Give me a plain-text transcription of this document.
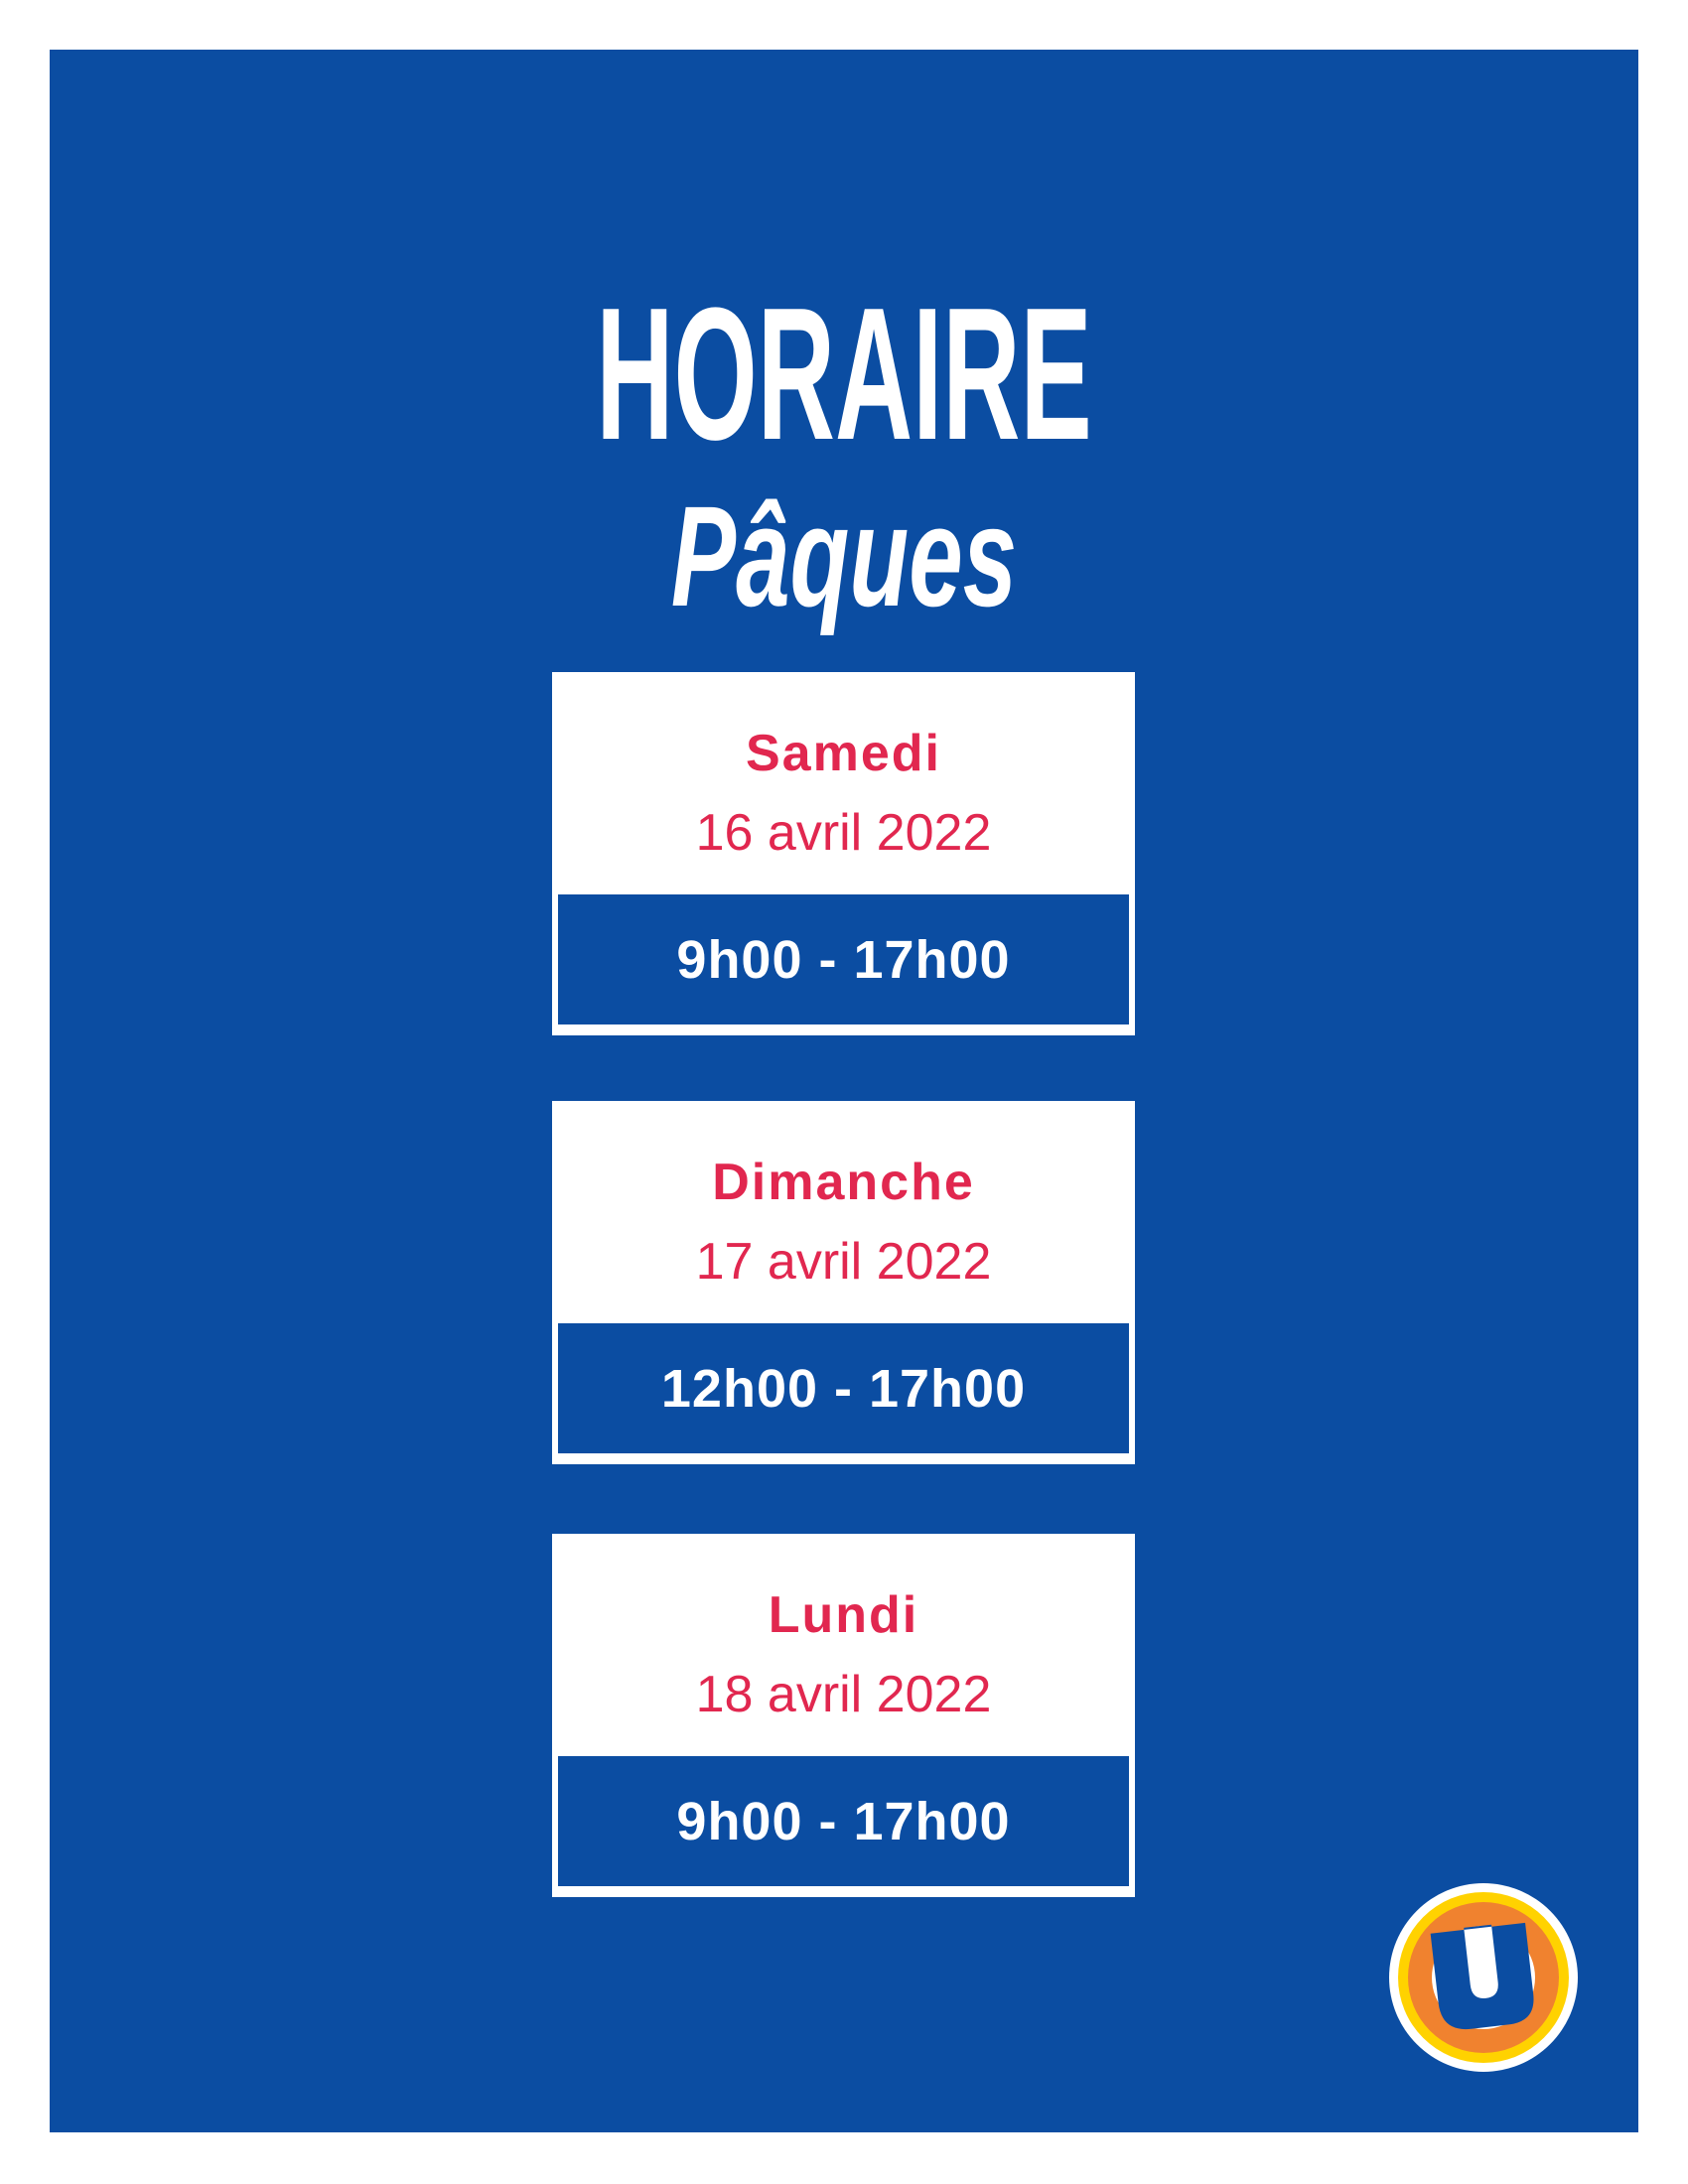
HORAIRE
Pâques
Samedi
16 avril 2022
9h00 - 17h00
Dimanche
17 avril 2022
12h00 - 17h00
Lundi
18 avril 2022
9h00 - 17h00
